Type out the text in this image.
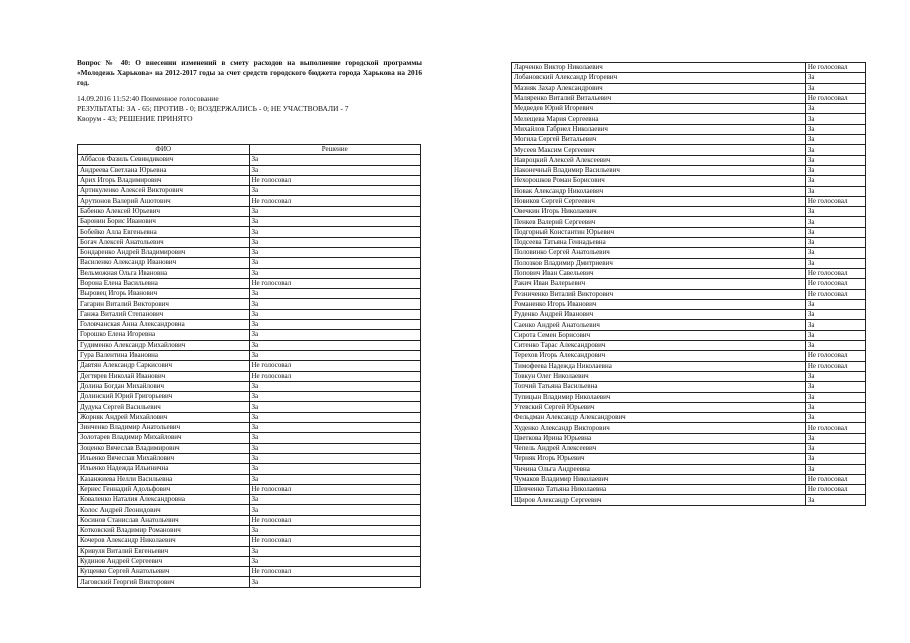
Вопрос № 40: О внесении изменений в смету расходов на выполнение городской программы «Молодежь Харькова» на 2012-2017 годы за счет средств городского бюджета города Харькова на 2016 год.

14.09.2016 11:52:40 Поименное голосование
РЕЗУЛЬТАТЫ: ЗА - 65; ПРОТИВ - 0; ВОЗДЕРЖАЛИСЬ - 0; НЕ УЧАСТВОВАЛИ - 7
Кворум - 43; РЕШЕНИЕ ПРИНЯТО
ФИО	Решение
Аббасов Фазиль Севиндикович	За
Андреева Светлана Юрьевна	За
Арих Игорь Владимирович	Не голосовал
Артикуленко Алексей Викторович	За
Арутюнов Валерий Ашотович	Не голосовал
Бабенко Алексей Юрьевич	За
Баронин Борис Иванович	За
Бобейко Алла Евгеньевна	За
Богач Алексей Анатольевич	За
Бондаренко Андрей Владимирович	За
Василенко Александр Иванович	За
Вельможная Ольга Ивановна	За
Ворона Елена Васильевна	Не голосовал
Выровец Игорь Иванович	За
Гагарин Виталий Викторович	За
Ганжа Виталий Степанович	За
Головчанская Анна Александровна	За
Горошко Елена Игоревна	За
Гудименко Александр Михайлович	За
Гура Валентина Ивановна	За
Давтян Александр Саркисович	Не голосовал
Дегтярев Николай Иванович	Не голосовал
Долина Богдан Михайлович	За
Долинский Юрий Григорьевич	За
Дудука Сергей Васильевич	За
Жорняк Андрей Михайлович	За
Зинченко Владимир Анатольевич	За
Золотарев Владимир Михайлович	За
Зоценко Вячеслав Владимирович	За
Ильенко Вячеслав Михайлович	За
Ильенко Надежда Ильинична	За
Казанжиева Нелли Васильевна	За
Кернес Геннадий Адольфович	Не голосовал
Коваленко Наталия Александровна	За
Колос Андрей Леонидович	За
Косинов Станислав Анатольевич	Не голосовал
Котковский Владимир Романович	За
Кочеров Александр Николаевич	Не голосовал
Кривуля Виталий Евгеньевич	За
Кудинов Андрей Сергеевич	За
Кущенко Сергей Анатольевич	Не голосовал
Лаговский Георгий Викторович	За
Ларченко Виктор Николаевич	Не голосовал
Лобановский Александр Игоревич	За
Мазняк Захар Александрович	За
Маляренко Виталий Витальевич	Не голосовал
Медведев Юрий Игоревич	За
Мелещева Мария Сергеевна	За
Михайлов Габриел Николаевич	За
Могила Сергей Витальевич	За
Мусеев Максим Сергеевич	За
Навроцкий Алексей Алексеевич	За
Наконечный Владимир Васильевич	За
Нехорошков Роман Борисович	За
Новак Александр Николаевич	За
Новиков Сергей Сергеевич	Не голосовал
Овечкин Игорь Николаевич	За
Пенкев Валерий Сергеевич	За
Подгорный Константин Юрьевич	За
Подсеева Татьяна Геннадьевна	За
Половинко Сергей Анатольевич	За
Полозков Владимир Дмитриевич	За
Попович Иван Савельевич	Не голосовал
Ракич Иван Валерьевич	Не голосовал
Резниченко Виталий Викторович	Не голосовал
Романенко Игорь Иванович	За
Руденко Андрей Иванович	За
Саенко Андрей Анатольевич	За
Сирота Семен Борисович	За
Ситенко Тарас Александрович	За
Терехов Игорь Александрович	Не голосовал
Тимофеева Надежда Николаевна	Не голосовал
Товкун Олег Николаевич	За
Топчий Татьяна Васильевна	За
Тупицын Владимир Николаевич	За
Утевский Сергей Юрьевич	За
Фельдман Александр Александрович	За
Худенко Александр Викторович	Не голосовал
Цветкова Ирина Юрьевна	За
Чепель Андрей Алексеевич	За
Черняк Игорь Юрьевич	За
Чичина Ольга Андреевна	За
Чумаков Владимир Николаевич	Не голосовал
Шевченко Татьяна Николаевна	Не голосовал
Щиров Александр Сергеевич	За
